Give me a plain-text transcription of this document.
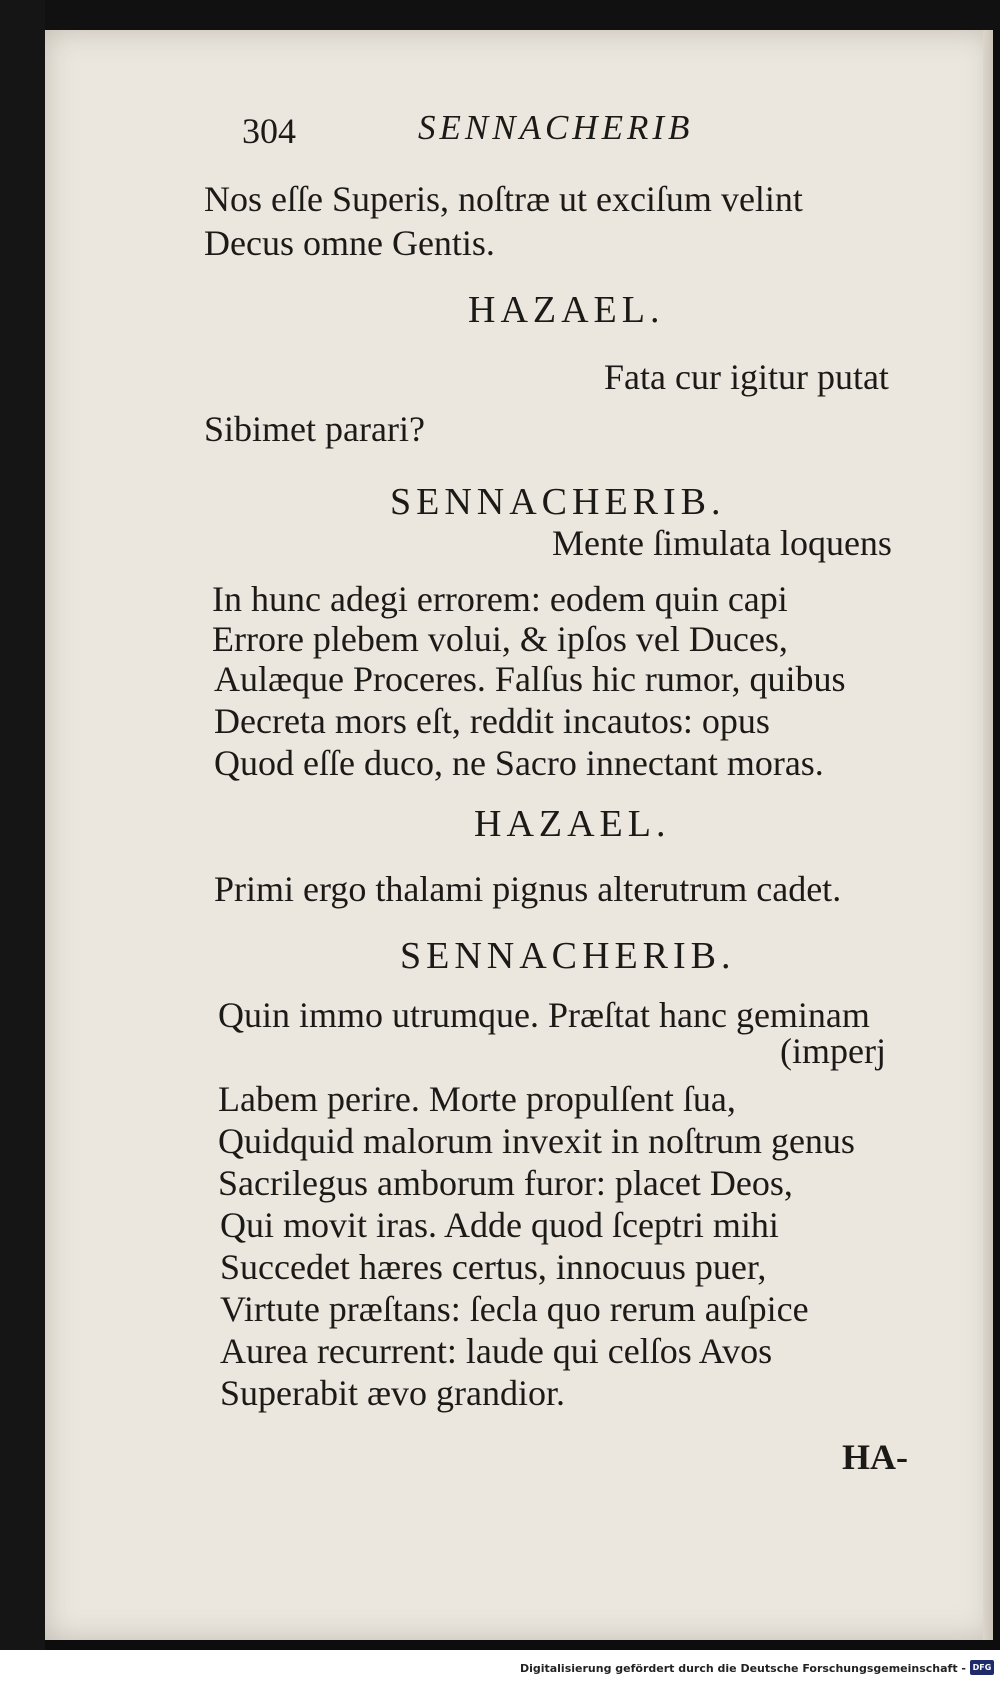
304	SENNACHERIB
Nos eſſe Superis, noſtræ ut exciſum velint
Decus omne Gentis.
HAZAEL.
Fata cur igitur putat
Sibimet parari?
SENNACHERIB.
Mente ſimulata loquens
In hunc adegi errorem: eodem quin capi
Errore plebem volui, & ipſos vel Duces,
Aulæque Proceres. Falſus hic rumor, quibus
Decreta mors eſt, reddit incautos: opus
Quod eſſe duco, ne Sacro innectant moras.
HAZAEL.
Primi ergo thalami pignus alterutrum cadet.
SENNACHERIB.
Quin immo utrumque. Præſtat hanc geminam
(imperj
Labem perire. Morte propulſent ſua,
Quidquid malorum invexit in noſtrum genus
Sacrilegus amborum furor: placet Deos,
Qui movit iras. Adde quod ſceptri mihi
Succedet hæres certus, innocuus puer,
Virtute præſtans: ſecla quo rerum auſpice
Aurea recurrent: laude qui celſos Avos
Superabit ævo grandior.
HA-
Digitalisierung gefördert durch die Deutsche Forschungsgemeinschaft - DFG
